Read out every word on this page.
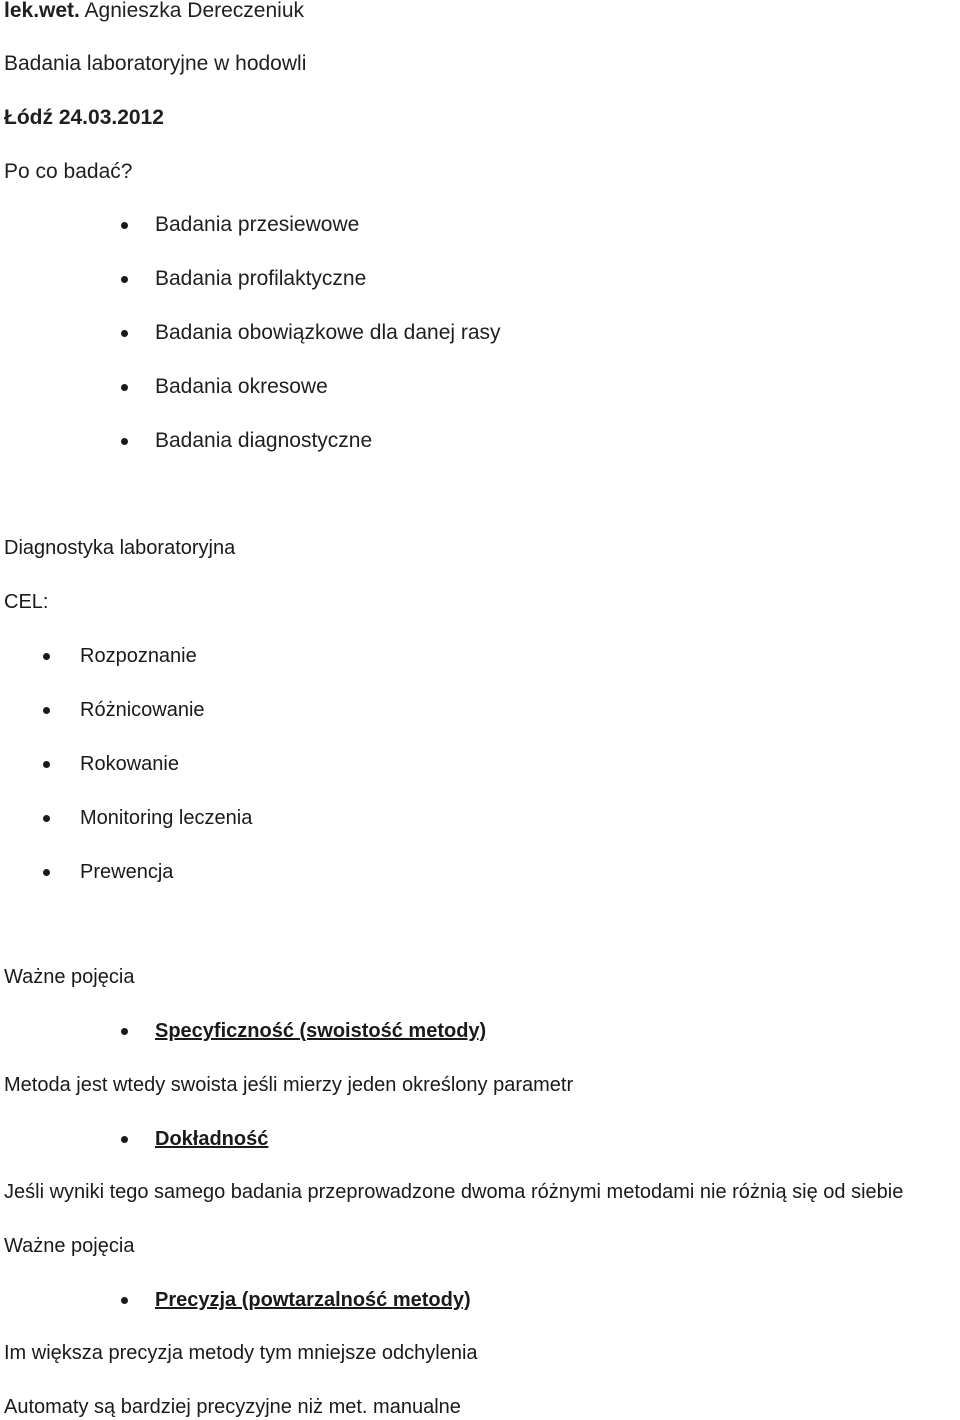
lek.wet. Agnieszka Dereczeniuk
Badania laboratoryjne w hodowli
Łódź 24.03.2012
Po co badać?
Badania przesiewowe
Badania profilaktyczne
Badania obowiązkowe dla danej rasy
Badania okresowe
Badania diagnostyczne
Diagnostyka laboratoryjna
CEL:
Rozpoznanie
Różnicowanie
Rokowanie
Monitoring leczenia
Prewencja
Ważne pojęcia
Specyficzność (swoistość metody)
Metoda jest wtedy swoista jeśli mierzy jeden określony parametr
Dokładność
Jeśli wyniki tego samego badania przeprowadzone dwoma różnymi metodami nie różnią się od siebie
Ważne pojęcia
Precyzja (powtarzalność metody)
Im większa precyzja metody tym mniejsze odchylenia
Automaty są bardziej precyzyjne niż met. manualne
